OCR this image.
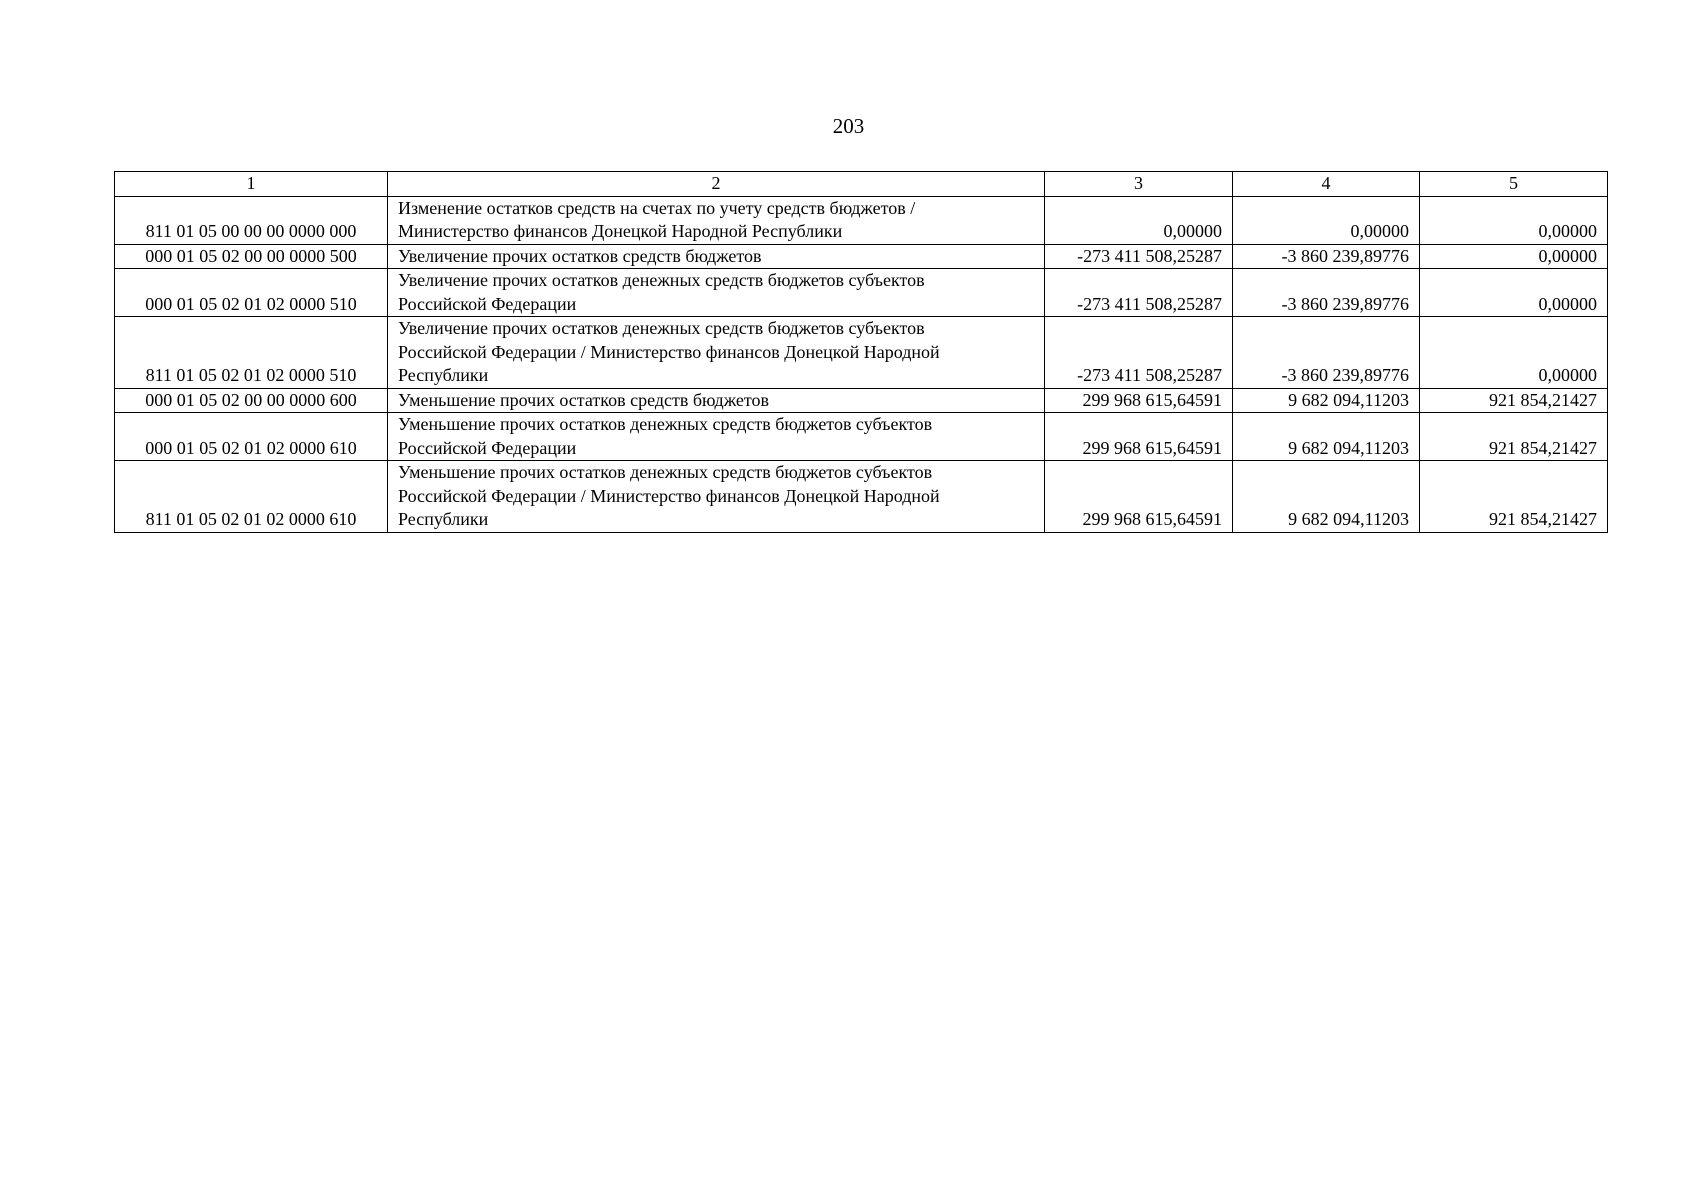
203
1	2	3	4	5
811 01 05 00 00 00 0000 000	Изменение остатков средств на счетах по учету средств бюджетов /
Министерство финансов Донецкой Народной Республики	0,00000	0,00000	0,00000
000 01 05 02 00 00 0000 500	Увеличение прочих остатков средств бюджетов	-273 411 508,25287	-3 860 239,89776	0,00000
000 01 05 02 01 02 0000 510	Увеличение прочих остатков денежных средств бюджетов субъектов
Российской Федерации	-273 411 508,25287	-3 860 239,89776	0,00000
811 01 05 02 01 02 0000 510	Увеличение прочих остатков денежных средств бюджетов субъектов
Российской Федерации / Министерство финансов Донецкой Народной
Республики	-273 411 508,25287	-3 860 239,89776	0,00000
000 01 05 02 00 00 0000 600	Уменьшение прочих остатков средств бюджетов	299 968 615,64591	9 682 094,11203	921 854,21427
000 01 05 02 01 02 0000 610	Уменьшение прочих остатков денежных средств бюджетов субъектов
Российской Федерации	299 968 615,64591	9 682 094,11203	921 854,21427
811 01 05 02 01 02 0000 610	Уменьшение прочих остатков денежных средств бюджетов субъектов
Российской Федерации / Министерство финансов Донецкой Народной
Республики	299 968 615,64591	9 682 094,11203	921 854,21427
